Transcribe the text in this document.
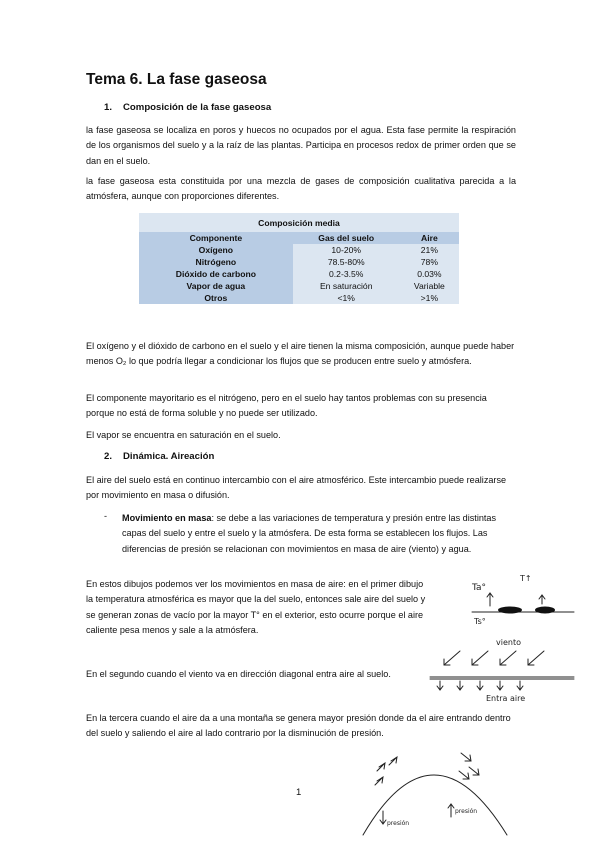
Tema 6. La fase gaseosa
1. Composición de la fase gaseosa

la fase gaseosa se localiza en poros y huecos no ocupados por el agua. Esta fase permite la respiración de los organismos del suelo y a la raíz de las plantas. Participa en procesos redox de primer orden que se dan en el suelo.

la fase gaseosa esta constituida por una mezcla de gases de composición cualitativa parecida a la atmósfera, aunque con proporciones diferentes.

Composición media		
Componente	Gas del suelo	Aire
Oxígeno	10-20%	21%
Nitrógeno	78.5-80%	78%
Dióxido de carbono	0.2-3.5%	0.03%
Vapor de agua	En saturación	Variable
Otros	<1%	>1%

El oxígeno y el dióxido de carbono en el suelo y el aire tienen la misma composición, aunque puede haber menos O₂ lo que podría llegar a condicionar los flujos que se producen entre suelo y atmósfera.

El componente mayoritario es el nitrógeno, pero en el suelo hay tantos problemas con su presencia porque no está de forma soluble y no puede ser utilizado.

El vapor se encuentra en saturación en el suelo.

2. Dinámica. Aireación

El aire del suelo está en continuo intercambio con el aire atmosférico. Este intercambio puede realizarse por movimiento en masa o difusión.

- Movimiento en masa: se debe a las variaciones de temperatura y presión entre las distintas capas del suelo y entre el suelo y la atmósfera. De esta forma se establecen los flujos. Las diferencias de presión se relacionan con movimientos en masa de aire (viento) y agua.

En estos dibujos podemos ver los movimientos en masa de aire: en el primer dibujo la temperatura atmosférica es mayor que la del suelo, entonces sale aire del suelo y se generan zonas de vacío por la mayor T° en el exterior, esto ocurre porque el aire caliente pesa menos y sale a la atmósfera.

En el segundo cuando el viento va en dirección diagonal entra aire al suelo.

En la tercera cuando el aire da a una montaña se genera mayor presión donde da el aire entrando dentro del suelo y saliendo el aire al lado contrario por la disminución de presión.

Ta°
T↑
Ts°
viento
Entra aire
presión
presión
1
